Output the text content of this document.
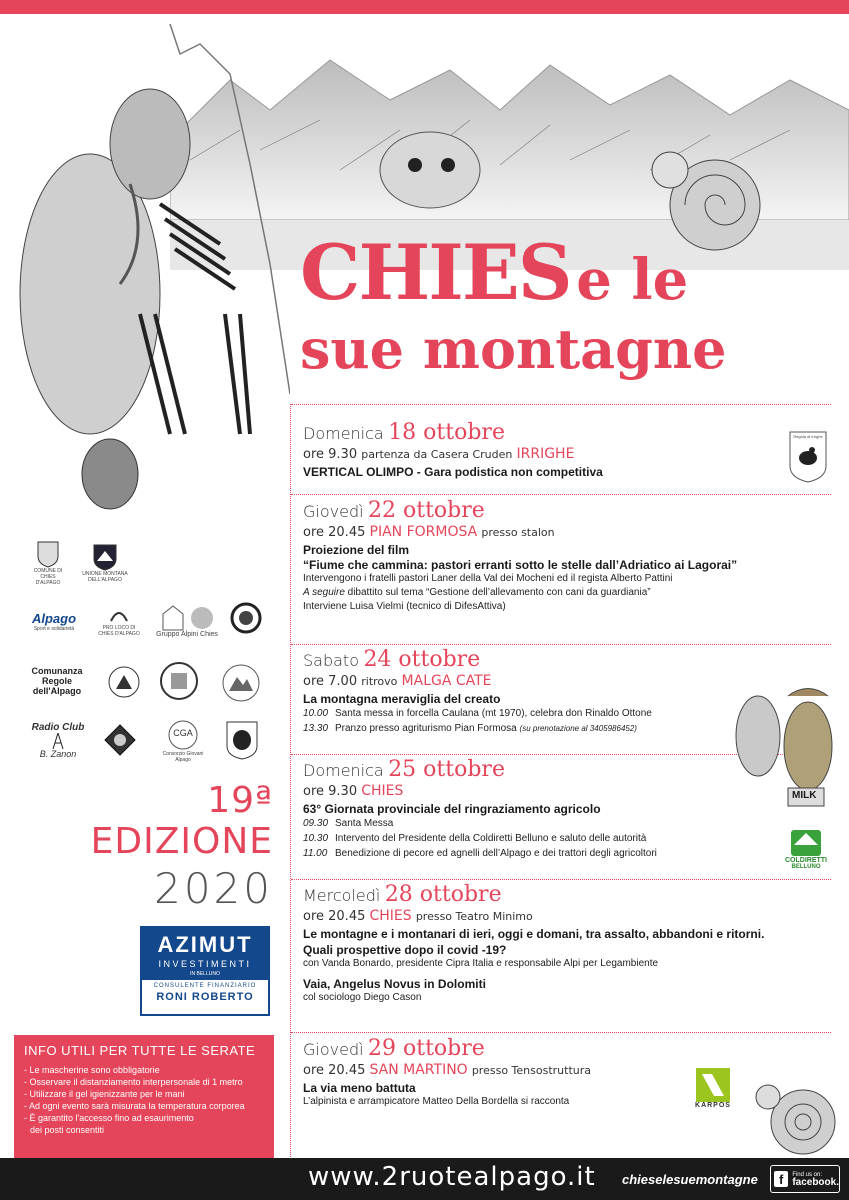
CHIES e le
sue montagne
COMUNE DI CHIES D'ALPAGO
UNIONE MONTANA DELL'ALPAGO
Alpago
Sport e solidarietà	PRO LOCO DI CHIES D'ALPAGO	Gruppo Alpini Chies
Comunanza Regole dell'Alpago
Radio Club
B. Zanon
CGA
Consorzio Giovani Alpago
19ª EDIZIONE
2020
AZIMUT
INVESTIMENTI
IN BELLUNO
CONSULENTE FINANZIARIO
RONI ROBERTO
INFO UTILI PER TUTTE LE SERATE
- Le mascherine sono obbligatorie
- Osservare il distanziamento interpersonale di 1 metro
- Utilizzare il gel igienizzante per le mani
- Ad ogni evento sarà misurata la temperatura corporea
- È garantito l'accesso fino ad esaurimento
dei posti consentiti
Domenica 18 ottobre
ore 9.30 partenza da Casera Cruden IRRIGHE
VERTICAL OLIMPO - Gara podistica non competitiva
Giovedì 22 ottobre
ore 20.45 PIAN FORMOSA presso stalon
Proiezione del film
“Fiume che cammina: pastori erranti sotto le stelle dall’Adriatico ai Lagorai”
Intervengono i fratelli pastori Laner della Val dei Mocheni ed il regista Alberto Pattini
A seguire dibattito sul tema “Gestione dell’allevamento con cani da guardiania”
Interviene Luisa Vielmi (tecnico di DifesAttiva)
Sabato 24 ottobre
ore 7.00 ritrovo MALGA CATE
La montagna meraviglia del creato
10.00 Santa messa in forcella Caulana (mt 1970), celebra don Rinaldo Ottone
13.30 Pranzo presso agriturismo Pian Formosa (su prenotazione al 3405986452)
Domenica 25 ottobre
ore 9.30 CHIES
63° Giornata provinciale del ringraziamento agricolo
09.30 Santa Messa
10.30 Intervento del Presidente della Coldiretti Belluno e saluto delle autorità
11.00 Benedizione di pecore ed agnelli dell’Alpago e dei trattori degli agricoltori
Mercoledì 28 ottobre
ore 20.45 CHIES presso Teatro Minimo
Le montagne e i montanari di ieri, oggi e domani, tra assalto, abbandoni e ritorni.
Quali prospettive dopo il covid -19?
con Vanda Bonardo, presidente Cipra Italia e responsabile Alpi per Legambiente
Vaia, Angelus Novus in Dolomiti
col sociologo Diego Cason
Giovedì 29 ottobre
ore 20.45 SAN MARTINO presso Tensostruttura
La via meno battuta
L’alpinista e arrampicatore Matteo Della Bordella si racconta
Regola di Irrighe
MILK
COLDIRETTI
BELLUNO
KARPOS
www.2ruotealpago.it chieselesuemontagne	f	Find us on:
facebook.
